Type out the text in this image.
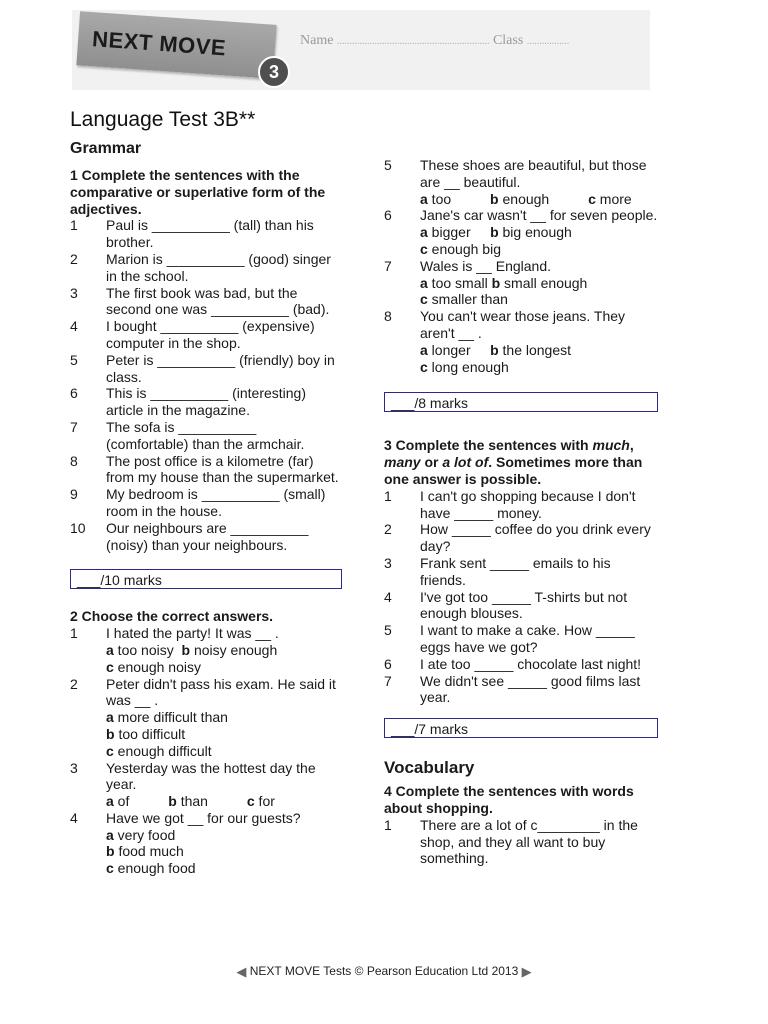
NEXT MOVE
3
Name ............................................................. Class .................
Language Test 3B**
Grammar
1 Complete the sentences with the comparative or superlative form of the adjectives.
1 Paul is __________ (tall) than his brother.
2 Marion is __________ (good) singer in the school.
3 The first book was bad, but the second one was __________ (bad).
4 I bought __________ (expensive) computer in the shop.
5 Peter is __________ (friendly) boy in class.
6 This is __________ (interesting) article in the magazine.
7 The sofa is __________ (comfortable) than the armchair.
8 The post office is a kilometre (far) from my house than the supermarket.
9 My bedroom is __________ (small) room in the house.
10 Our neighbours are __________ (noisy) than your neighbours.
___/10 marks
2 Choose the correct answers.
1 I hated the party! It was __ .
a too noisy  b noisy enough
c enough noisy
2 Peter didn't pass his exam. He said it was __ .
a more difficult than
b too difficult
c enough difficult
3 Yesterday was the hottest day the year.
a of          b than          c for
4 Have we got __ for our guests?
a very food
b food much
c enough food
5 These shoes are beautiful, but those are __ beautiful.
a too          b enough          c more
6 Jane's car wasn't __ for seven people.
a bigger     b big enough
c enough big
7 Wales is __ England.
a too small b small enough
c smaller than
8 You can't wear those jeans. They aren't __ .
a longer     b the longest
c long enough
___/8 marks
3 Complete the sentences with much, many or a lot of. Sometimes more than one answer is possible.
1 I can't go shopping because I don't have _____ money.
2 How _____ coffee do you drink every day?
3 Frank sent _____ emails to his friends.
4 I've got too _____ T-shirts but not enough blouses.
5 I want to make a cake. How _____ eggs have we got?
6 I ate too _____ chocolate last night!
7 We didn't see _____ good films last year.
___/7 marks
Vocabulary
4 Complete the sentences with words about shopping.
1 There are a lot of c________ in the shop, and they all want to buy something.
◀ NEXT MOVE Tests © Pearson Education Ltd 2013 ▶
